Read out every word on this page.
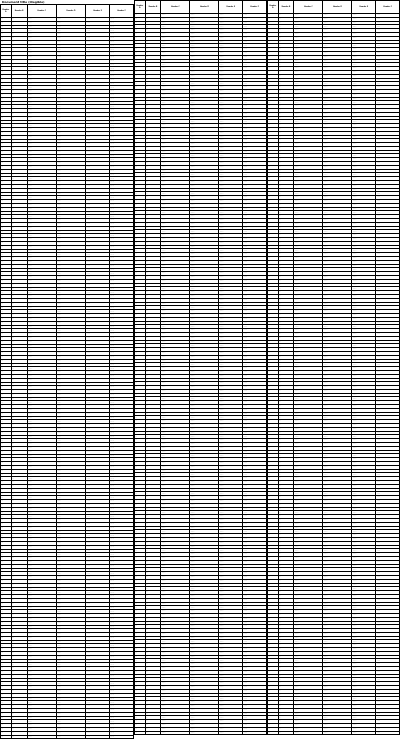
Document title (illegible)
Header A	Header B	Header C	Header D	Header E	Header F
…	…	……	……	……	……
…	…	……	……	……	……
…	…	……	……	……	……
…	…	……	……	……	……
…	…	……	……	……	……
…	…	……	……	……	……
…	…	……	……	……	……
…	…	……	……	……	……
…	…	……	……	……	……
…	…	……	……	……	……
…	…	……	……	……	……
…	…	……	……	……	……
…	…	……	……	……	……
…	…	……	……	……	……
…	…	……	……	……	……
…	…	……	……	……	……
…	…	……	……	……	……
…	…	……	……	……	……
…	…	……	……	……	……
…	…	……	……	……	……
…	…	……	……	……	……
…	…	……	……	……	……
…	…	……	……	……	……
…	…	……	……	……	……
…	…	……	……	……	……
…	…	……	……	……	……
…	…	……	……	……	……
…	…	……	……	……	……
…	…	……	……	……	……
…	…	……	……	……	……
…	…	……	……	……	……
…	…	……	……	……	……
…	…	……	……	……	……
…	…	……	……	……	……
…	…	……	……	……	……
…	…	……	……	……	……
…	…	……	……	……	……
…	…	……	……	……	……
…	…	……	……	……	……
…	…	……	……	……	……
…	…	……	……	……	……
…	…	……	……	……	……
…	…	……	……	……	……
…	…	……	……	……	……
…	…	……	……	……	……
…	…	……	……	……	……
…	…	……	……	……	……
…	…	……	……	……	……
…	…	……	……	……	……
…	…	……	……	……	……
…	…	……	……	……	……
…	…	……	……	……	……
…	…	……	……	……	……
…	…	……	……	……	……
…	…	……	……	……	……
…	…	……	……	……	……
…	…	……	……	……	……
…	…	……	……	……	……
…	…	……	……	……	……
…	…	……	……	……	……
…	…	……	……	……	……
…	…	……	……	……	……
…	…	……	……	……	……
…	…	……	……	……	……
…	…	……	……	……	……
…	…	……	……	……	……
…	…	……	……	……	……
…	…	……	……	……	……
…	…	……	……	……	……
…	…	……	……	……	……
…	…	……	……	……	……
…	…	……	……	……	……
…	…	……	……	……	……
…	…	……	……	……	……
…	…	……	……	……	……
…	…	……	……	……	……
…	…	……	……	……	……
…	…	……	……	……	……
…	…	……	……	……	……
…	…	……	……	……	……
…	…	……	……	……	……
…	…	……	……	……	……
…	…	……	……	……	……
…	…	……	……	……	……
…	…	……	……	……	……
…	…	……	……	……	……
…	…	……	……	……	……
…	…	……	……	……	……
…	…	……	……	……	……
…	…	……	……	……	……
…	…	……	……	……	……
…	…	……	……	……	……
…	…	……	……	……	……
…	…	……	……	……	……
…	…	……	……	……	……
…	…	……	……	……	……
…	…	……	……	……	……
…	…	……	……	……	……
…	…	……	……	……	……
…	…	……	……	……	……
…	…	……	……	……	……
…	…	……	……	……	……
…	…	……	……	……	……
…	…	……	……	……	……
…	…	……	……	……	……
…	…	……	……	……	……
…	…	……	……	……	……
…	…	……	……	……	……
…	…	……	……	……	……
…	…	……	……	……	……
…	…	……	……	……	……
…	…	……	……	……	……
…	…	……	……	……	……
…	…	……	……	……	……
…	…	……	……	……	……
…	…	……	……	……	……
…	…	……	……	……	……
…	…	……	……	……	……
…	…	……	……	……	……
…	…	……	……	……	……
…	…	……	……	……	……
…	…	……	……	……	……
…	…	……	……	……	……
…	…	……	……	……	……
…	…	……	……	……	……
…	…	……	……	……	……
…	…	……	……	……	……
…	…	……	……	……	……
…	…	……	……	……	……
…	…	……	……	……	……
…	…	……	……	……	……
…	…	……	……	……	……
…	…	……	……	……	……
…	…	……	……	……	……
…	…	……	……	……	……
…	…	……	……	……	……
…	…	……	……	……	……
…	…	……	……	……	……
…	…	……	……	……	……
…	…	……	……	……	……
…	…	……	……	……	……
…	…	……	……	……	……
…	…	……	……	……	……
…	…	……	……	……	……
…	…	……	……	……	……
…	…	……	……	……	……
…	…	……	……	……	……
…	…	……	……	……	……
…	…	……	……	……	……
…	…	……	……	……	……
…	…	……	……	……	……
…	…	……	……	……	……
…	…	……	……	……	……
…	…	……	……	……	……
…	…	……	……	……	……
…	…	……	……	……	……
…	…	……	……	……	……
…	…	……	……	……	……
…	…	……	……	……	……
…	…	……	……	……	……
…	…	……	……	……	……
…	…	……	……	……	……
…	…	……	……	……	……
…	…	……	……	……	……
…	…	……	……	……	……
…	…	……	……	……	……
…	…	……	……	……	……
…	…	……	……	……	……
…	…	……	……	……	……
…	…	……	……	……	……
…	…	……	……	……	……
…	…	……	……	……	……
…	…	……	……	……	……
…	…	……	……	……	……
…	…	……	……	……	……
…	…	……	……	……	……
…	…	……	……	……	……
…	…	……	……	……	……
…	…	……	……	……	……
…	…	……	……	……	……
…	…	……	……	……	……
…	…	……	……	……	……
…	…	……	……	……	……
…	…	……	……	……	……
…	…	……	……	……	……
…	…	……	……	……	……
…	…	……	……	……	……
…	…	……	……	……	……
…	…	……	……	……	……
…	…	……	……	……	……
Header A	Header B	Header C	Header D	Header E	Header F
…	…	……	……	……	……
…	…	……	……	……	……
…	…	……	……	……	……
…	…	……	……	……	……
…	…	……	……	……	……
…	…	……	……	……	……
…	…	……	……	……	……
…	…	……	……	……	……
…	…	……	……	……	……
…	…	……	……	……	……
…	…	……	……	……	……
…	…	……	……	……	……
…	…	……	……	……	……
…	…	……	……	……	……
…	…	……	……	……	……
…	…	……	……	……	……
…	…	……	……	……	……
…	…	……	……	……	……
…	…	……	……	……	……
…	…	……	……	……	……
…	…	……	……	……	……
…	…	……	……	……	……
…	…	……	……	……	……
…	…	……	……	……	……
…	…	……	……	……	……
…	…	……	……	……	……
…	…	……	……	……	……
…	…	……	……	……	……
…	…	……	……	……	……
…	…	……	……	……	……
…	…	……	……	……	……
…	…	……	……	……	……
…	…	……	……	……	……
…	…	……	……	……	……
…	…	……	……	……	……
…	…	……	……	……	……
…	…	……	……	……	……
…	…	……	……	……	……
…	…	……	……	……	……
…	…	……	……	……	……
…	…	……	……	……	……
…	…	……	……	……	……
…	…	……	……	……	……
…	…	……	……	……	……
…	…	……	……	……	……
…	…	……	……	……	……
…	…	……	……	……	……
…	…	……	……	……	……
…	…	……	……	……	……
…	…	……	……	……	……
…	…	……	……	……	……
…	…	……	……	……	……
…	…	……	……	……	……
…	…	……	……	……	……
…	…	……	……	……	……
…	…	……	……	……	……
…	…	……	……	……	……
…	…	……	……	……	……
…	…	……	……	……	……
…	…	……	……	……	……
…	…	……	……	……	……
…	…	……	……	……	……
…	…	……	……	……	……
…	…	……	……	……	……
…	…	……	……	……	……
…	…	……	……	……	……
…	…	……	……	……	……
…	…	……	……	……	……
…	…	……	……	……	……
…	…	……	……	……	……
…	…	……	……	……	……
…	…	……	……	……	……
…	…	……	……	……	……
…	…	……	……	……	……
…	…	……	……	……	……
…	…	……	……	……	……
…	…	……	……	……	……
…	…	……	……	……	……
…	…	……	……	……	……
…	…	……	……	……	……
…	…	……	……	……	……
…	…	……	……	……	……
…	…	……	……	……	……
…	…	……	……	……	……
…	…	……	……	……	……
…	…	……	……	……	……
…	…	……	……	……	……
…	…	……	……	……	……
…	…	……	……	……	……
…	…	……	……	……	……
…	…	……	……	……	……
…	…	……	……	……	……
…	…	……	……	……	……
…	…	……	……	……	……
…	…	……	……	……	……
…	…	……	……	……	……
…	…	……	……	……	……
…	…	……	……	……	……
…	…	……	……	……	……
…	…	……	……	……	……
…	…	……	……	……	……
…	…	……	……	……	……
…	…	……	……	……	……
…	…	……	……	……	……
…	…	……	……	……	……
…	…	……	……	……	……
…	…	……	……	……	……
…	…	……	……	……	……
…	…	……	……	……	……
…	…	……	……	……	……
…	…	……	……	……	……
…	…	……	……	……	……
…	…	……	……	……	……
…	…	……	……	……	……
…	…	……	……	……	……
…	…	……	……	……	……
…	…	……	……	……	……
…	…	……	……	……	……
…	…	……	……	……	……
…	…	……	……	……	……
…	…	……	……	……	……
…	…	……	……	……	……
…	…	……	……	……	……
…	…	……	……	……	……
…	…	……	……	……	……
…	…	……	……	……	……
…	…	……	……	……	……
…	…	……	……	……	……
…	…	……	……	……	……
…	…	……	……	……	……
…	…	……	……	……	……
…	…	……	……	……	……
…	…	……	……	……	……
…	…	……	……	……	……
…	…	……	……	……	……
…	…	……	……	……	……
…	…	……	……	……	……
…	…	……	……	……	……
…	…	……	……	……	……
…	…	……	……	……	……
…	…	……	……	……	……
…	…	……	……	……	……
…	…	……	……	……	……
…	…	……	……	……	……
…	…	……	……	……	……
…	…	……	……	……	……
…	…	……	……	……	……
…	…	……	……	……	……
…	…	……	……	……	……
…	…	……	……	……	……
…	…	……	……	……	……
…	…	……	……	……	……
…	…	……	……	……	……
…	…	……	……	……	……
…	…	……	……	……	……
…	…	……	……	……	……
…	…	……	……	……	……
…	…	……	……	……	……
…	…	……	……	……	……
…	…	……	……	……	……
…	…	……	……	……	……
…	…	……	……	……	……
…	…	……	……	……	……
…	…	……	……	……	……
…	…	……	……	……	……
…	…	……	……	……	……
…	…	……	……	……	……
…	…	……	……	……	……
…	…	……	……	……	……
…	…	……	……	……	……
…	…	……	……	……	……
…	…	……	……	……	……
…	…	……	……	……	……
…	…	……	……	……	……
…	…	……	……	……	……
…	…	……	……	……	……
…	…	……	……	……	……
…	…	……	……	……	……
…	…	……	……	……	……
…	…	……	……	……	……
…	…	……	……	……	……
…	…	……	……	……	……
…	…	……	……	……	……
…	…	……	……	……	……
…	…	……	……	……	……
…	…	……	……	……	……
…	…	……	……	……	……
…	…	……	……	……	……
…	…	……	……	……	……
…	…	……	……	……	……
Header A	Header B	Header C	Header D	Header E	Header F
…	…	……	……	……	……
…	…	……	……	……	……
…	…	……	……	……	……
…	…	……	……	……	……
…	…	……	……	……	……
…	…	……	……	……	……
…	…	……	……	……	……
…	…	……	……	……	……
…	…	……	……	……	……
…	…	……	……	……	……
…	…	……	……	……	……
…	…	……	……	……	……
…	…	……	……	……	……
…	…	……	……	……	……
…	…	……	……	……	……
…	…	……	……	……	……
…	…	……	……	……	……
…	…	……	……	……	……
…	…	……	……	……	……
…	…	……	……	……	……
…	…	……	……	……	……
…	…	……	……	……	……
…	…	……	……	……	……
…	…	……	……	……	……
…	…	……	……	……	……
…	…	……	……	……	……
…	…	……	……	……	……
…	…	……	……	……	……
…	…	……	……	……	……
…	…	……	……	……	……
…	…	……	……	……	……
…	…	……	……	……	……
…	…	……	……	……	……
…	…	……	……	……	……
…	…	……	……	……	……
…	…	……	……	……	……
…	…	……	……	……	……
…	…	……	……	……	……
…	…	……	……	……	……
…	…	……	……	……	……
…	…	……	……	……	……
…	…	……	……	……	……
…	…	……	……	……	……
…	…	……	……	……	……
…	…	……	……	……	……
…	…	……	……	……	……
…	…	……	……	……	……
…	…	……	……	……	……
…	…	……	……	……	……
…	…	……	……	……	……
…	…	……	……	……	……
…	…	……	……	……	……
…	…	……	……	……	……
…	…	……	……	……	……
…	…	……	……	……	……
…	…	……	……	……	……
…	…	……	……	……	……
…	…	……	……	……	……
…	…	……	……	……	……
…	…	……	……	……	……
…	…	……	……	……	……
…	…	……	……	……	……
…	…	……	……	……	……
…	…	……	……	……	……
…	…	……	……	……	……
…	…	……	……	……	……
…	…	……	……	……	……
…	…	……	……	……	……
…	…	……	……	……	……
…	…	……	……	……	……
…	…	……	……	……	……
…	…	……	……	……	……
…	…	……	……	……	……
…	…	……	……	……	……
…	…	……	……	……	……
…	…	……	……	……	……
…	…	……	……	……	……
…	…	……	……	……	……
…	…	……	……	……	……
…	…	……	……	……	……
…	…	……	……	……	……
…	…	……	……	……	……
…	…	……	……	……	……
…	…	……	……	……	……
…	…	……	……	……	……
…	…	……	……	……	……
…	…	……	……	……	……
…	…	……	……	……	……
…	…	……	……	……	……
…	…	……	……	……	……
…	…	……	……	……	……
…	…	……	……	……	……
…	…	……	……	……	……
…	…	……	……	……	……
…	…	……	……	……	……
…	…	……	……	……	……
…	…	……	……	……	……
…	…	……	……	……	……
…	…	……	……	……	……
…	…	……	……	……	……
…	…	……	……	……	……
…	…	……	……	……	……
…	…	……	……	……	……
…	…	……	……	……	……
…	…	……	……	……	……
…	…	……	……	……	……
…	…	……	……	……	……
…	…	……	……	……	……
…	…	……	……	……	……
…	…	……	……	……	……
…	…	……	……	……	……
…	…	……	……	……	……
…	…	……	……	……	……
…	…	……	……	……	……
…	…	……	……	……	……
…	…	……	……	……	……
…	…	……	……	……	……
…	…	……	……	……	……
…	…	……	……	……	……
…	…	……	……	……	……
…	…	……	……	……	……
…	…	……	……	……	……
…	…	……	……	……	……
…	…	……	……	……	……
…	…	……	……	……	……
…	…	……	……	……	……
…	…	……	……	……	……
…	…	……	……	……	……
…	…	……	……	……	……
…	…	……	……	……	……
…	…	……	……	……	……
…	…	……	……	……	……
…	…	……	……	……	……
…	…	……	……	……	……
…	…	……	……	……	……
…	…	……	……	……	……
…	…	……	……	……	……
…	…	……	……	……	……
…	…	……	……	……	……
…	…	……	……	……	……
…	…	……	……	……	……
…	…	……	……	……	……
…	…	……	……	……	……
…	…	……	……	……	……
…	…	……	……	……	……
…	…	……	……	……	……
…	…	……	……	……	……
…	…	……	……	……	……
…	…	……	……	……	……
…	…	……	……	……	……
…	…	……	……	……	……
…	…	……	……	……	……
…	…	……	……	……	……
…	…	……	……	……	……
…	…	……	……	……	……
…	…	……	……	……	……
…	…	……	……	……	……
…	…	……	……	……	……
…	…	……	……	……	……
…	…	……	……	……	……
…	…	……	……	……	……
…	…	……	……	……	……
…	…	……	……	……	……
…	…	……	……	……	……
…	…	……	……	……	……
…	…	……	……	……	……
…	…	……	……	……	……
…	…	……	……	……	……
…	…	……	……	……	……
…	…	……	……	……	……
…	…	……	……	……	……
…	…	……	……	……	……
…	…	……	……	……	……
…	…	……	……	……	……
…	…	……	……	……	……
…	…	……	……	……	……
…	…	……	……	……	……
…	…	……	……	……	……
…	…	……	……	……	……
…	…	……	……	……	……
…	…	……	……	……	……
…	…	……	……	……	……
…	…	……	……	……	……
…	…	……	……	……	……
…	…	……	……	……	……
…	…	……	……	……	……
…	…	……	……	……	……
…	…	……	……	……	……
…	…	……	……	……	……
…	…	……	……	……	……
